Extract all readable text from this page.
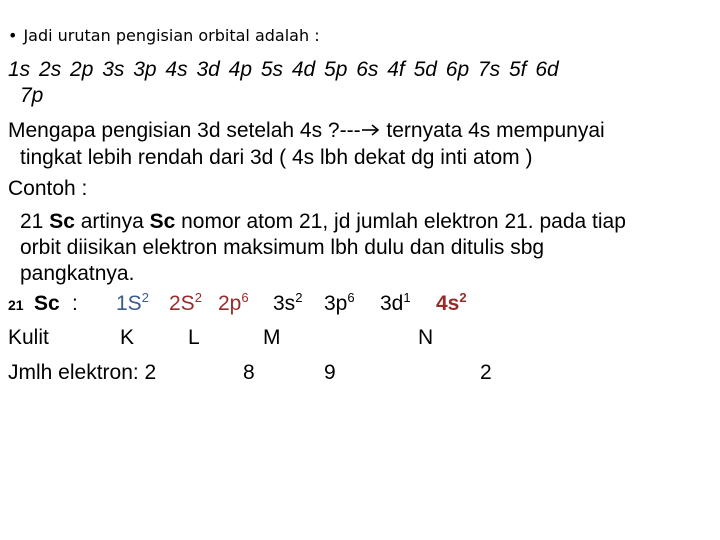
• Jadi urutan pengisian orbital adalah :
1s 2s 2p 3s 3p 4s 3d 4p 5s 4d 5p 6s 4f 5d 6p 7s 5f 6d
7p
Mengapa pengisian 3d setelah 4s ?--- ternyata 4s mempunyai
tingkat lebih rendah dari 3d ( 4s lbh dekat dg inti atom )
Contoh :
21 Sc artinya Sc nomor atom 21, jd jumlah elektron 21. pada tiap
orbit diisikan elektron maksimum lbh dulu dan ditulis sbg
pangkatnya.
21 Sc : $1S^2$ $2S^2$ $2p^6$ $3s^2$ $3p^6$ $3d^1$ $4s^2$
Kulit	K	L	M	N
Jmlh elektron: 2	8	9	2
